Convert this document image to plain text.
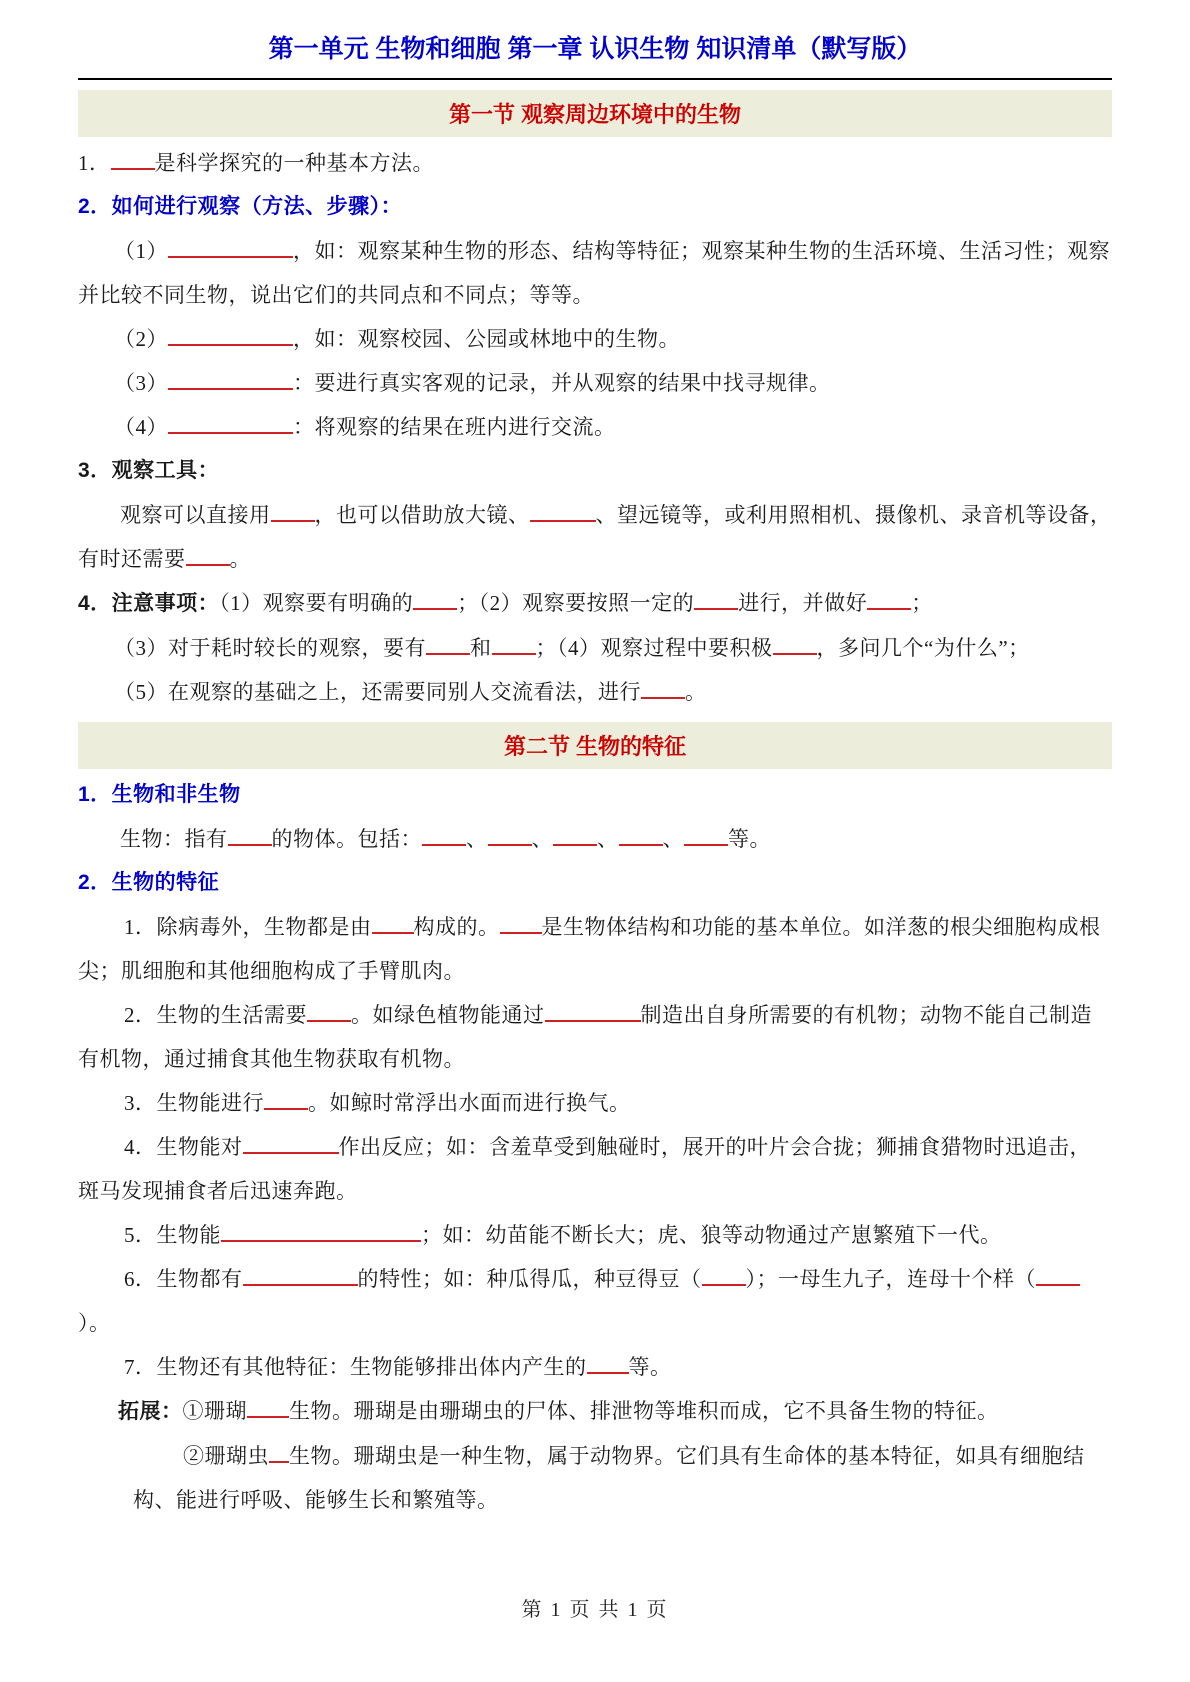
第一单元 生物和细胞 第一章 认识生物 知识清单（默写版）
第一节 观察周边环境中的生物
1． 是科学探究的一种基本方法。
2．如何进行观察（方法、步骤）：
（1）	，如：观察某种生物的形态、结构等特征；观察某种生物的生活环境、生活习性；观察并比较不同生物，说出它们的共同点和不同点；等等。
（2）	，如：观察校园、公园或林地中的生物。
（3）	：要进行真实客观的记录，并从观察的结果中找寻规律。
（4）	：将观察的结果在班内进行交流。
3．观察工具：
观察可以直接用 ，也可以借助放大镜、	、望远镜等，或利用照相机、摄像机、录音机等设备，有时还需要 。
4．注意事项：（1）观察要有明确的 ；（2）观察要按照一定的 进行，并做好 ；
（3）对于耗时较长的观察，要有 和 ；（4）观察过程中要积极 ，多问几个“为什么”；
（5）在观察的基础之上，还需要同别人交流看法，进行 。
第二节 生物的特征
1．生物和非生物
生物：指有 的物体。包括： 、 、 、 、 等。
2．生物的特征
1．除病毒外，生物都是由 构成的。 是生物体结构和功能的基本单位。如洋葱的根尖细胞构成根尖；肌细胞和其他细胞构成了手臂肌肉。
2．生物的生活需要 。如绿色植物能通过	制造出自身所需要的有机物；动物不能自己制造有机物，通过捕食其他生物获取有机物。
3．生物能进行 。如鲸时常浮出水面而进行换气。
4．生物能对	作出反应；如：含羞草受到触碰时，展开的叶片会合拢；狮捕食猎物时迅追击，斑马发现捕食者后迅速奔跑。
5．生物能	；如：幼苗能不断长大；虎、狼等动物通过产崽繁殖下一代。
6．生物都有	的特性；如：种瓜得瓜，种豆得豆（ ）；一母生九子，连母十个样（）。
7．生物还有其他特征：生物能够排出体内产生的 等。
拓展：①珊瑚 生物。珊瑚是由珊瑚虫的尸体、排泄物等堆积而成，它不具备生物的特征。
②珊瑚虫 生物。珊瑚虫是一种生物，属于动物界。它们具有生命体的基本特征，如具有细胞结构、能进行呼吸、能够生长和繁殖等。
第 1 页 共 1 页
